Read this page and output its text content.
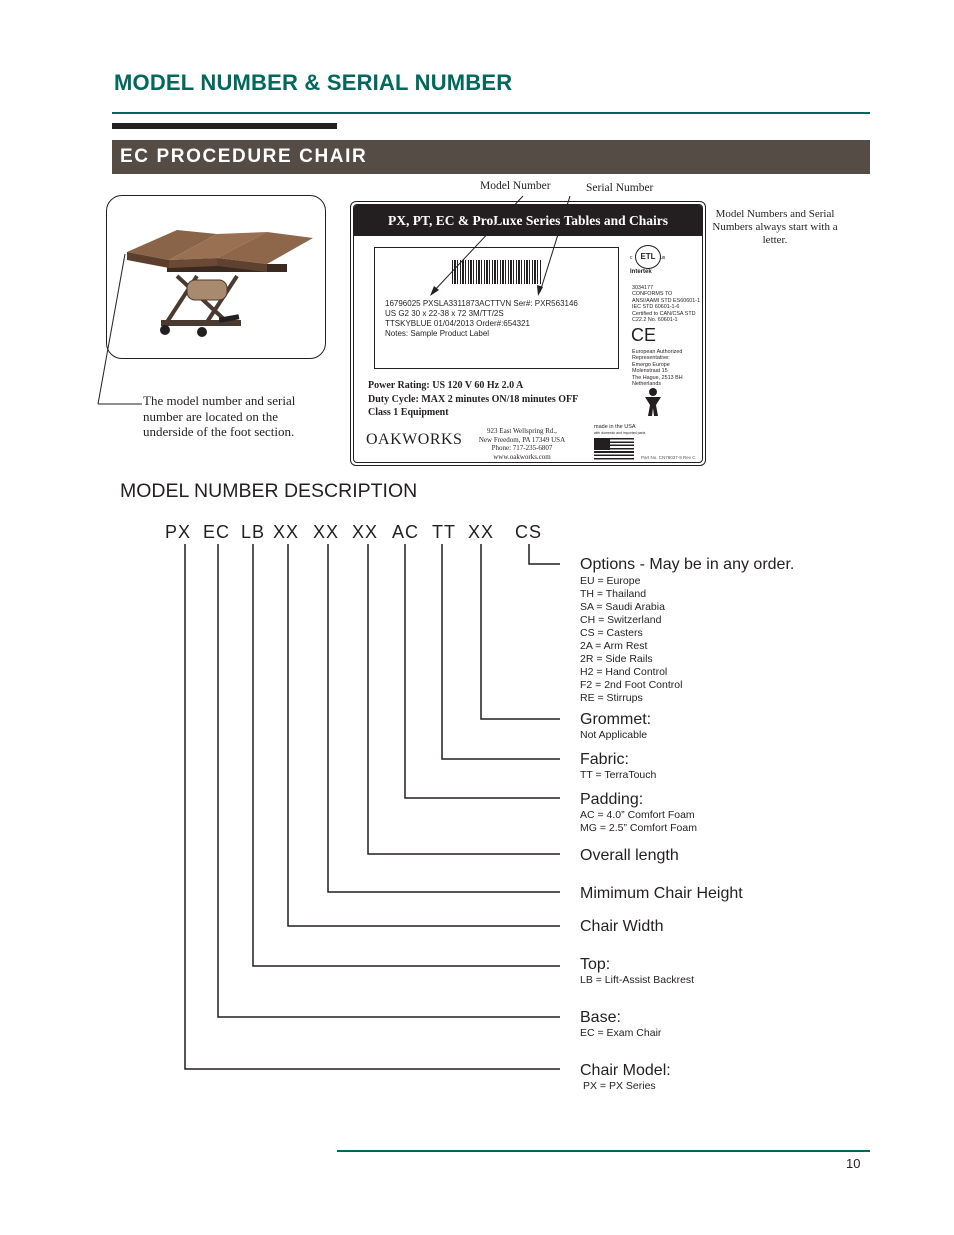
MODEL NUMBER & SERIAL NUMBER
EC PROCEDURE CHAIR
The model number and serial number are located on the underside of the foot section.
Model Number	Serial Number
Model Numbers and Serial Numbers always start with a letter.
PX, PT, EC & ProLuxe Series Tables and Chairs
16796025 PXSLA3311873ACTTVN Ser#: PXR563146
US G2 30 x 22-38 x 72 3M/TT/2S
TTSKYBLUE 01/04/2013 Order#:654321
Notes: Sample Product Label
ETL
c	us
Intertek
3034177
CONFORMS TO
ANSI/AAMI STD ES60601-1
IEC STD 60601-1-6
Certified to CAN/CSA STD
C22.2 No. 60601-1
CE
European Authorized
Representative:
Emergo Europe
Molenstraat 15
The Hague, 2513 BH
Netherlands
Power Rating: US 120 V 60 Hz 2.0 A
Duty Cycle: MAX 2 minutes ON/18 minutes OFF
Class 1 Equipment
OAKWORKS	923 East Wellspring Rd.,
New Freedom, PA 17349 USA
Phone: 717-235-6807
www.oakworks.com
made in the USA
with domestic and imported parts
Part No. CN78037-9 Rev C
MODEL NUMBER DESCRIPTION
PX EC LB XX XX XX AC TT XX CS
Options - May be in any order.
EU = Europe
TH = Thailand
SA = Saudi Arabia
CH = Switzerland
CS = Casters
2A = Arm Rest
2R = Side Rails
H2 = Hand Control
F2 = 2nd Foot Control
RE = Stirrups
Grommet:
Not Applicable
Fabric:
TT = TerraTouch
Padding:
AC = 4.0” Comfort Foam
MG = 2.5” Comfort Foam
Overall length
Mimimum Chair Height
Chair Width
Top:
LB = Lift-Assist Backrest
Base:
EC = Exam Chair
Chair Model:
PX = PX Series
10
